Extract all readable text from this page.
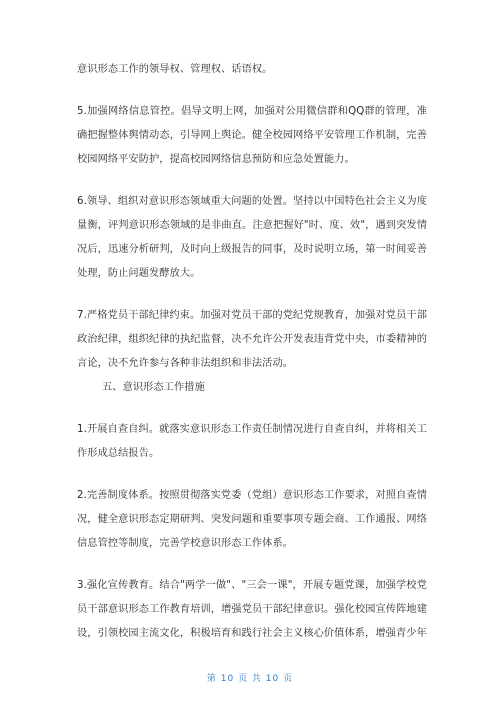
意识形态工作的领导权、管理权、话语权。

5.加强网络信息管控。倡导文明上网，加强对公用微信群和QQ群的管理，准确把握整体舆情动态，引导网上舆论。健全校园网络平安管理工作机制，完善校园网络平安防护，提高校园网络信息预防和应急处置能力。

6.领导、组织对意识形态领域重大问题的处置。坚持以中国特色社会主义为度量衡，评判意识形态领域的是非曲直。注意把握好"时、度、效"，遇到突发情况后，迅速分析研判，及时向上级报告的同事，及时说明立场，第一时间妥善处理，防止问题发酵放大。

7.严格党员干部纪律约束。加强对党员干部的党纪党规教育，加强对党员干部政治纪律，组织纪律的执纪监督，决不允许公开发表违背党中央，市委精神的言论，决不允许参与各种非法组织和非法活动。

五、意识形态工作措施

1.开展自查自纠。就落实意识形态工作责任制情况进行自查自纠，并将相关工作形成总结报告。

2.完善制度体系。按照贯彻落实党委（党组）意识形态工作要求，对照自查情况，健全意识形态定期研判、突发问题和重要事项专题会商、工作通报、网络信息管控等制度，完善学校意识形态工作体系。

3.强化宣传教育。结合"两学一做"、"三会一课"，开展专题党课，加强学校党员干部意识形态工作教育培训，增强党员干部纪律意识。强化校园宣传阵地建设，引领校园主流文化，积极培育和践行社会主义核心价值体系，增强青少年

第 10 页 共 10 页
